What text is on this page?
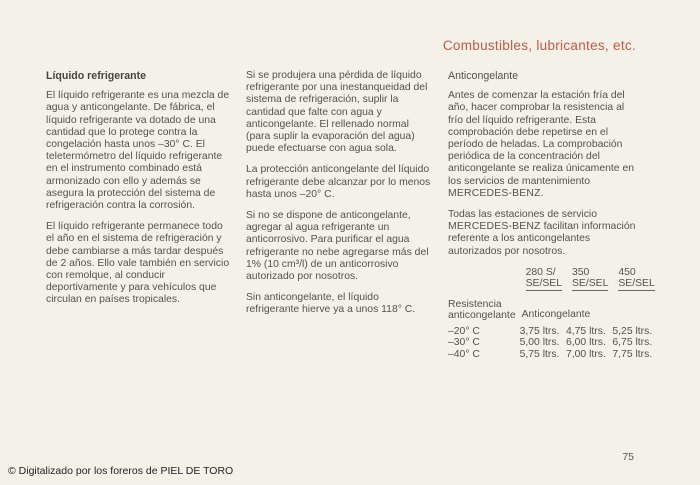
Combustibles, lubricantes, etc.
Líquido refrigerante

El líquido refrigerante es una mezcla de agua y anticongelante. De fábrica, el líquido refrigerante va dotado de una cantidad que lo protege contra la congelación hasta unos –30° C. El teletermómetro del líquido refrigerante en el instrumento combinado está armonizado con ello y además se asegura la protección del sistema de refrigeración contra la corrosión.

El líquido refrigerante permanece todo el año en el sistema de refrigeración y debe cambiarse a más tardar después de 2 años. Ello vale también en servicio con remolque, al conducir deportivamente y para vehículos que circulan en países tropicales.

Si se produjera una pérdida de líquido refrigerante por una inestanqueidad del sistema de refrigeración, suplir la cantidad que falte con agua y anticongelante. El rellenado normal (para suplir la evaporación del agua) puede efectuarse con agua sola.

La protección anticongelante del líquido refrigerante debe alcanzar por lo menos hasta unos –20° C.

Si no se dispone de anticongelante, agregar al agua refrigerante un anticorrosivo. Para purificar el agua refrigerante no nebe agregarse más del 1% (10 cm³/l) de un anticorrosivo autorizado por nosotros.

Sin anticongelante, el líquido refrigerante hierve ya a unos 118° C.

Anticongelante

Antes de comenzar la estación fría del año, hacer comprobar la resistencia al frío del líquido refrigerante. Esta comprobación debe repetirse en el período de heladas. La comprobación periódica de la concentración del anticongelante se realiza únicamente en los servicios de mantenimiento MERCEDES-BENZ.

Todas las estaciones de servicio MERCEDES-BENZ facilitan información referente a los anticongelantes autorizados por nosotros.

	280 S/ SE/SEL	350 SE/SEL	450 SE/SEL
Resistencia anticongelante	Anticongelante		

–20° C	3,75 ltrs.	4,75 ltrs.	5,25 ltrs.
–30° C	5,00 ltrs.	6,00 ltrs.	6,75 ltrs.
–40° C	5,75 ltrs.	7,00 ltrs.	7,75 ltrs.
75
© Digitalizado por los foreros de PIEL DE TORO
